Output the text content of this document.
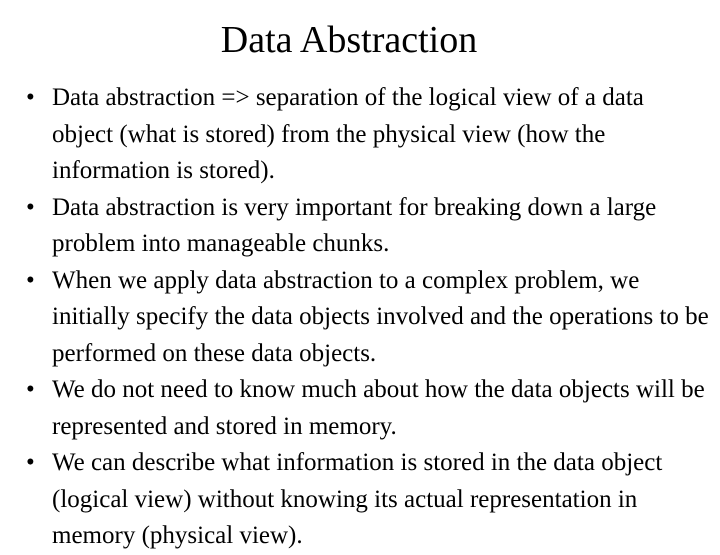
Data Abstraction
• Data abstraction => separation of the logical view of a data object (what is stored) from the physical view (how the information is stored).
• Data abstraction is very important for breaking down a large problem into manageable chunks.
• When we apply data abstraction to a complex problem, we initially specify the data objects involved and the operations to be performed on these data objects.
• We do not need to know much about how the data objects will be represented and stored in memory.
• We can describe what information is stored in the data object (logical view) without knowing its actual representation in memory (physical view).
